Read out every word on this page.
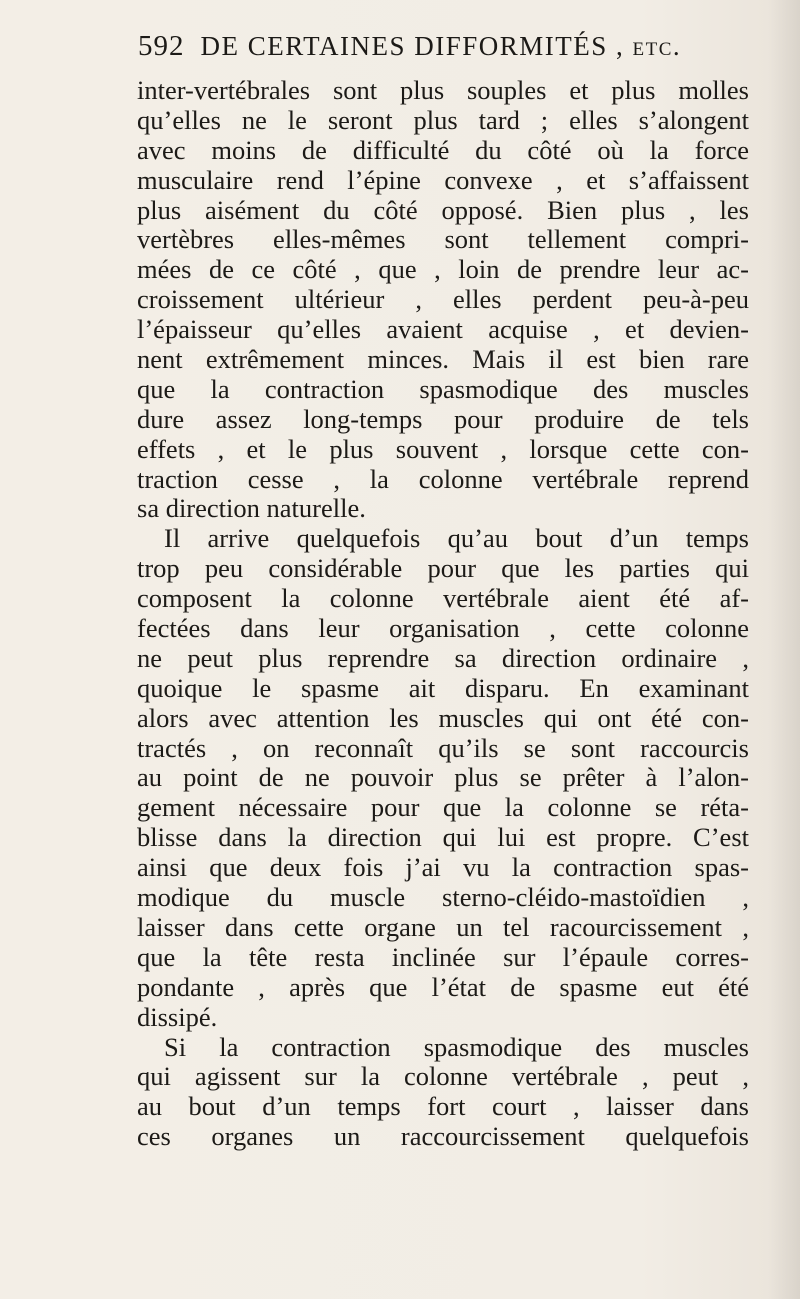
592 DE CERTAINES DIFFORMITÉS , etc.
inter-vertébrales sont plus souples et plus molles
qu’elles ne le seront plus tard ; elles s’alongent
avec moins de difficulté du côté où la force
musculaire rend l’épine convexe , et s’affaissent
plus aisément du côté opposé. Bien plus , les
vertèbres elles-mêmes sont tellement compri-
mées de ce côté , que , loin de prendre leur ac-
croissement ultérieur , elles perdent peu-à-peu
l’épaisseur qu’elles avaient acquise , et devien-
nent extrêmement minces. Mais il est bien rare
que la contraction spasmodique des muscles
dure assez long-temps pour produire de tels
effets , et le plus souvent , lorsque cette con-
traction cesse , la colonne vertébrale reprend
sa direction naturelle.
Il arrive quelquefois qu’au bout d’un temps
trop peu considérable pour que les parties qui
composent la colonne vertébrale aient été af-
fectées dans leur organisation , cette colonne
ne peut plus reprendre sa direction ordinaire ,
quoique le spasme ait disparu. En examinant
alors avec attention les muscles qui ont été con-
tractés , on reconnaît qu’ils se sont raccourcis
au point de ne pouvoir plus se prêter à l’alon-
gement nécessaire pour que la colonne se réta-
blisse dans la direction qui lui est propre. C’est
ainsi que deux fois j’ai vu la contraction spas-
modique du muscle sterno-cléido-mastoïdien ,
laisser dans cette organe un tel racourcissement ,
que la tête resta inclinée sur l’épaule corres-
pondante , après que l’état de spasme eut été
dissipé.
Si la contraction spasmodique des muscles
qui agissent sur la colonne vertébrale , peut ,
au bout d’un temps fort court , laisser dans
ces organes un raccourcissement quelquefois
